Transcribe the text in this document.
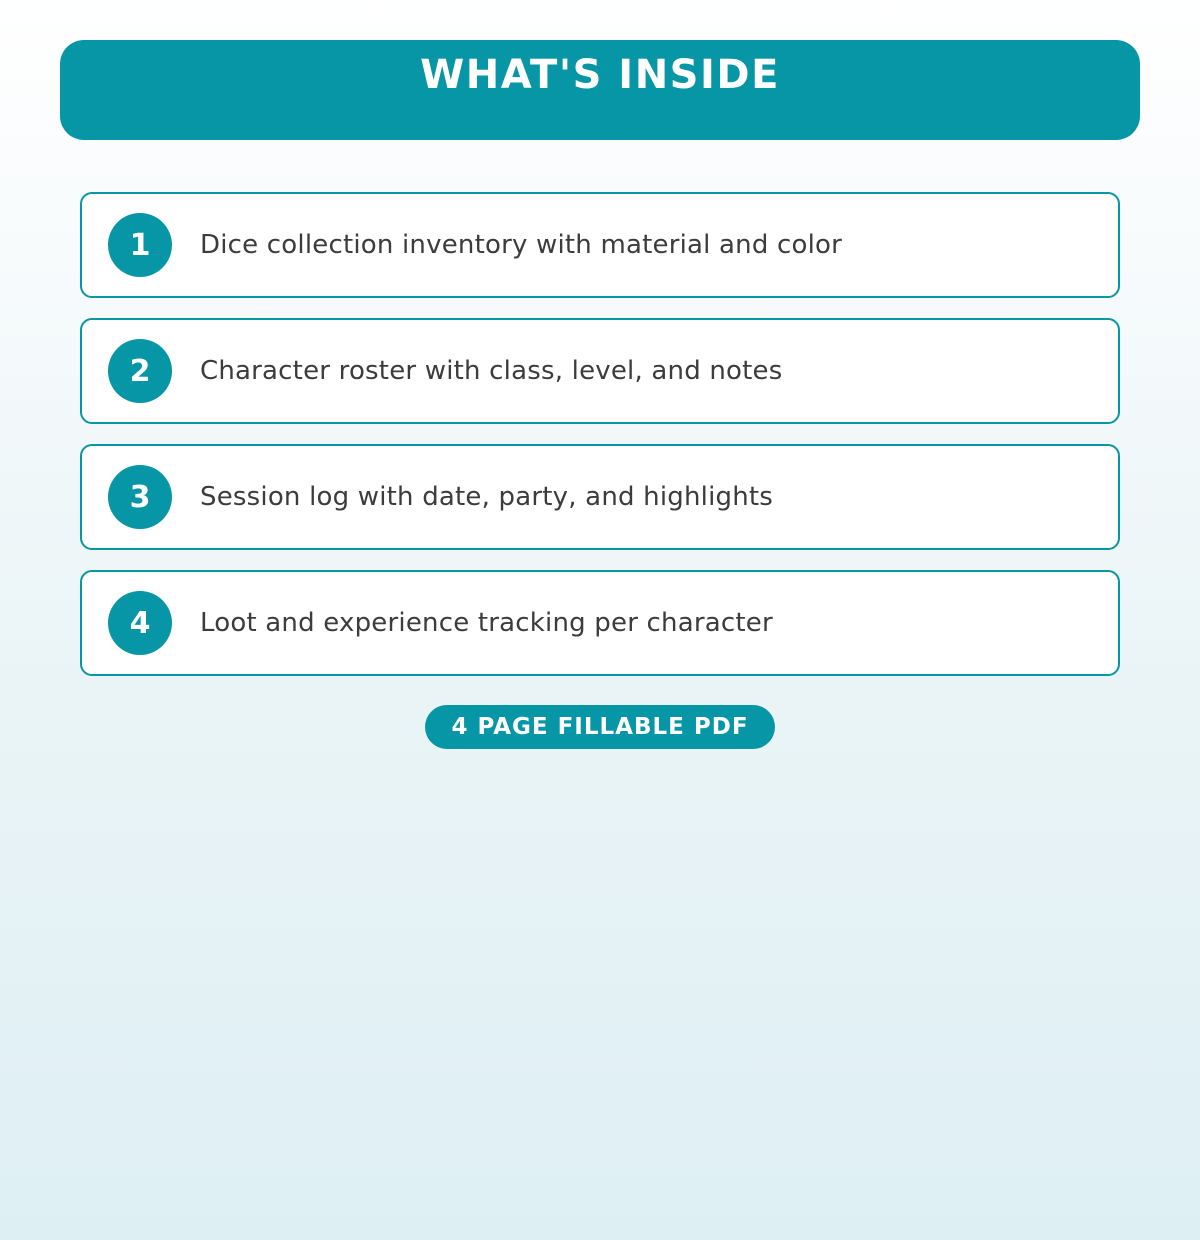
WHAT'S INSIDE
1 Dice collection inventory with material and color
2 Character roster with class, level, and notes
3 Session log with date, party, and highlights
4 Loot and experience tracking per character
4 PAGE FILLABLE PDF
